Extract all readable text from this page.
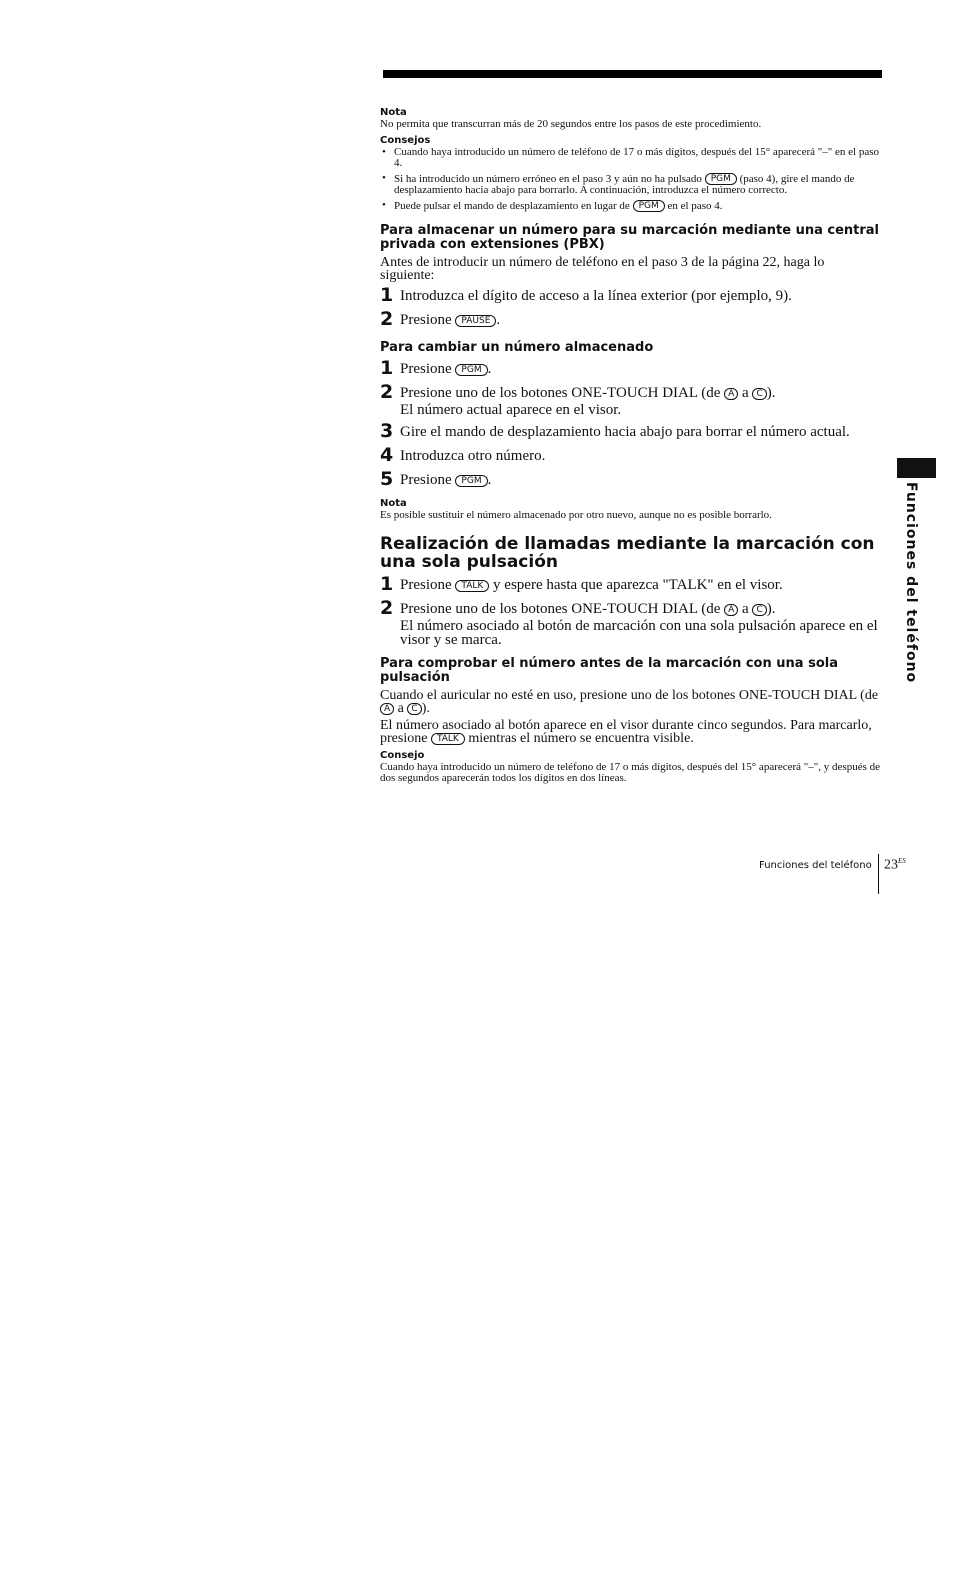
Nota

No permita que transcurran más de 20 segundos entre los pasos de este procedimiento.

Consejos

• Cuando haya introducido un número de teléfono de 17 o más dígitos, después del 15° aparecerá "–" en el paso 4.
• Si ha introducido un número erróneo en el paso 3 y aún no ha pulsado PGM (paso 4), gire el mando de desplazamiento hacia abajo para borrarlo. A continuación, introduzca el número correcto.
• Puede pulsar el mando de desplazamiento en lugar de PGM en el paso 4.
Para almacenar un número para su marcación mediante una central privada con extensiones (PBX)

Antes de introducir un número de teléfono en el paso 3 de la página 22, haga lo siguiente:

1 Introduzca el dígito de acceso a la línea exterior (por ejemplo, 9).
2 Presione PAUSE .
Para cambiar un número almacenado
1 Presione PGM .
2 Presione uno de los botones ONE-TOUCH DIAL (de A a C ).
El número actual aparece en el visor.
3 Gire el mando de desplazamiento hacia abajo para borrar el número actual.
4 Introduzca otro número.
5 Presione PGM .

Nota

Es posible sustituir el número almacenado por otro nuevo, aunque no es posible borrarlo.

Realización de llamadas mediante la marcación con una sola pulsación
1 Presione TALK y espere hasta que aparezca "TALK" en el visor.
2 Presione uno de los botones ONE-TOUCH DIAL (de A a C ).
El número asociado al botón de marcación con una sola pulsación aparece en el visor y se marca.
Para comprobar el número antes de la marcación con una sola pulsación

Cuando el auricular no esté en uso, presione uno de los botones ONE-TOUCH DIAL (de A a C ).

El número asociado al botón aparece en el visor durante cinco segundos. Para marcarlo, presione TALK mientras el número se encuentra visible.

Consejo

Cuando haya introducido un número de teléfono de 17 o más dígitos, después del 15° aparecerá "–", y después de dos segundos aparecerán todos los dígitos en dos líneas.

Funciones del teléfono
Funciones del teléfono $23^{ES}$
